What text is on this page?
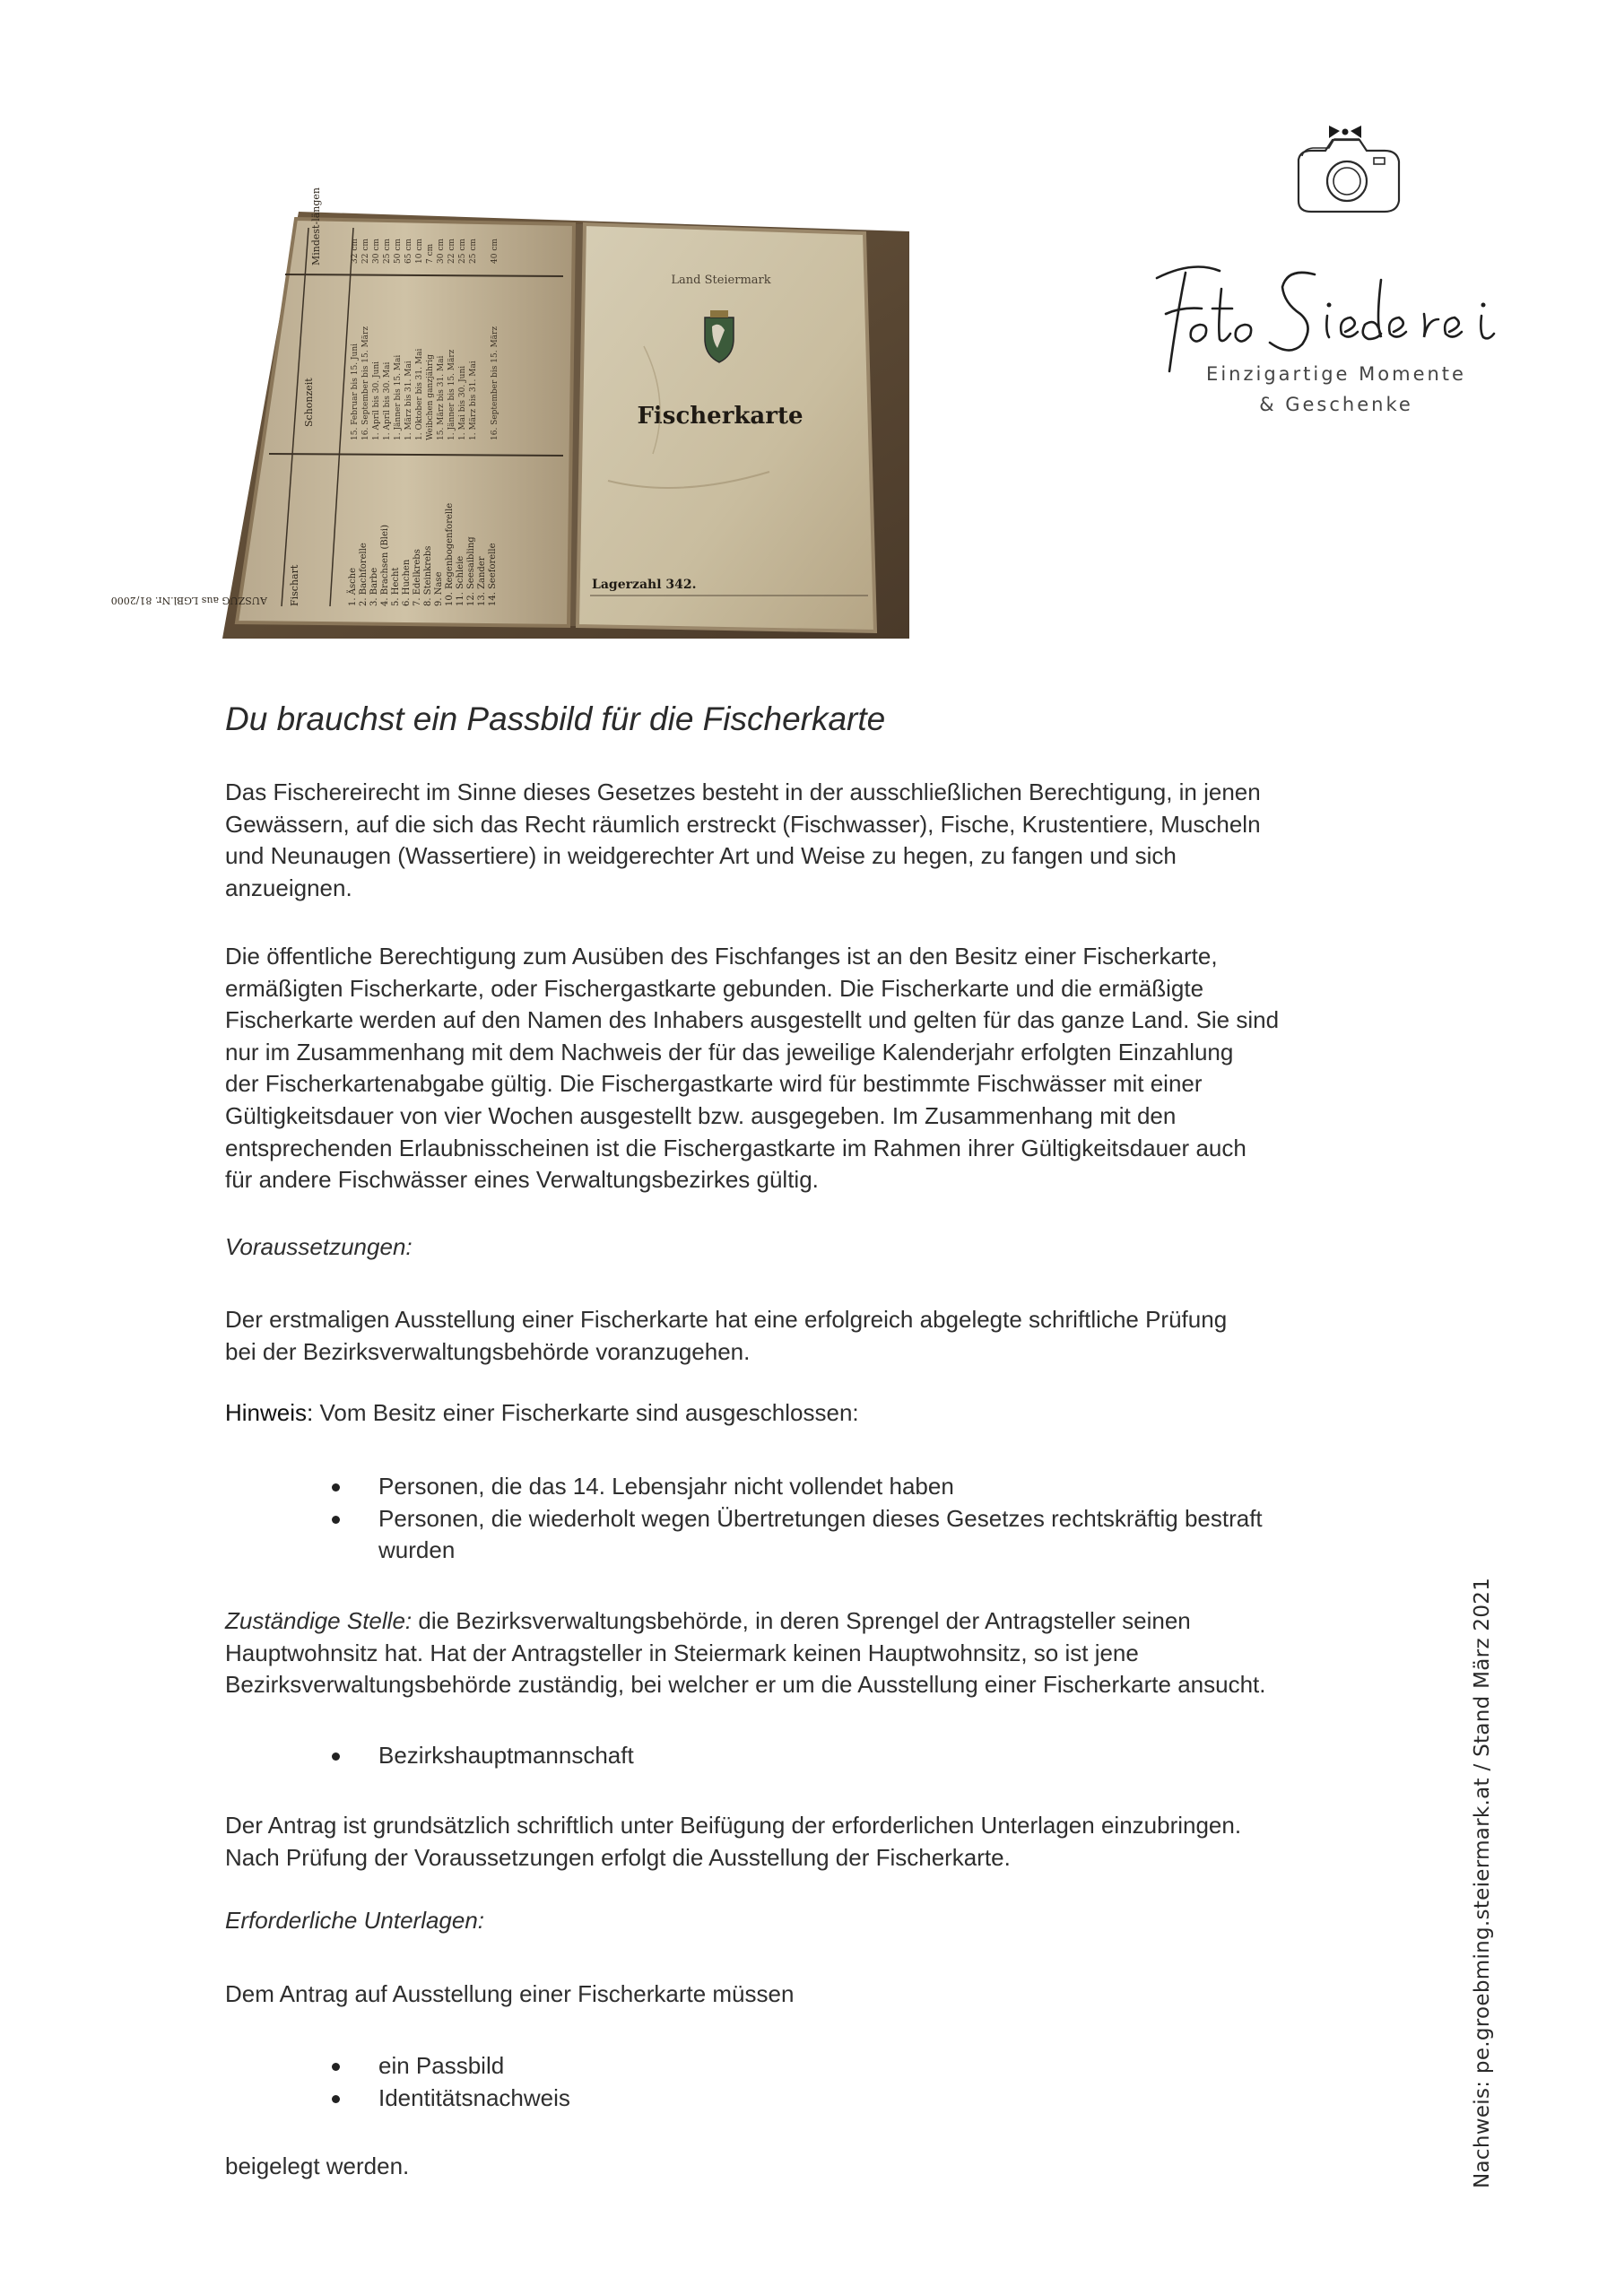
Fischart
Schonzeit
Mindest-längen
1. Äsche 2. Bachforelle 3. Barbe 4. Brachsen (Blei) 5. Hecht 6. Huchen 7. Edelkrebs 8. Steinkrebs 9. Nase 10. Regenbogenforelle 11. Schleie 12. Seesaibling 13. Zander 14. Seeforelle
15. Februar bis 15. Juni 16. September bis 15. März 1. April bis 30. Juni 1. April bis 30. Mai 1. Jänner bis 15. Mai 1. März bis 31. Mai 1. Oktober bis 31. Mai Weibchen ganzjährig 15. März bis 31. Mai 1. Jänner bis 15. März 1. Mai bis 30. Juni 1. März bis 31. Mai 16. September bis 15. März
32 cm 22 cm 30 cm 25 cm 50 cm 65 cm 10 cm 7 cm 30 cm 22 cm 25 cm 25 cm 40 cm
AUSZUG aus LGBl.Nr. 81/2000
Land Steiermark
Fischerkarte
Lagerzahl 342.
FotoSiederei
Einzigartige Momente
& Geschenke
Du brauchst ein Passbild für die Fischerkarte

Das Fischereirecht im Sinne dieses Gesetzes besteht in der ausschließlichen Berechtigung, in jenen

Gewässern, auf die sich das Recht räumlich erstreckt (Fischwasser), Fische, Krustentiere, Muscheln

und Neunaugen (Wassertiere) in weidgerechter Art und Weise zu hegen, zu fangen und sich

anzueignen.

Die öffentliche Berechtigung zum Ausüben des Fischfanges ist an den Besitz einer Fischerkarte,

ermäßigten Fischerkarte, oder Fischergastkarte gebunden. Die Fischerkarte und die ermäßigte

Fischerkarte werden auf den Namen des Inhabers ausgestellt und gelten für das ganze Land. Sie sind

nur im Zusammenhang mit dem Nachweis der für das jeweilige Kalenderjahr erfolgten Einzahlung

der Fischerkartenabgabe gültig. Die Fischergastkarte wird für bestimmte Fischwässer mit einer

Gültigkeitsdauer von vier Wochen ausgestellt bzw. ausgegeben. Im Zusammenhang mit den

entsprechenden Erlaubnisscheinen ist die Fischergastkarte im Rahmen ihrer Gültigkeitsdauer auch

für andere Fischwässer eines Verwaltungsbezirkes gültig.

Voraussetzungen:

Der erstmaligen Ausstellung einer Fischerkarte hat eine erfolgreich abgelegte schriftliche Prüfung

bei der Bezirksverwaltungsbehörde voranzugehen.

Hinweis: Vom Besitz einer Fischerkarte sind ausgeschlossen:
Personen, die das 14. Lebensjahr nicht vollendet haben
Personen, die wiederholt wegen Übertretungen dieses Gesetzes rechtskräftig bestraft
wurden

Zuständige Stelle: die Bezirksverwaltungsbehörde, in deren Sprengel der Antragsteller seinen

Hauptwohnsitz hat. Hat der Antragsteller in Steiermark keinen Hauptwohnsitz, so ist jene

Bezirksverwaltungsbehörde zuständig, bei welcher er um die Ausstellung einer Fischerkarte ansucht.

Bezirkshauptmannschaft

Der Antrag ist grundsätzlich schriftlich unter Beifügung der erforderlichen Unterlagen einzubringen.

Nach Prüfung der Voraussetzungen erfolgt die Ausstellung der Fischerkarte.

Erforderliche Unterlagen:
Dem Antrag auf Ausstellung einer Fischerkarte müssen
ein Passbild
Identitätsnachweis
beigelegt werden.	Nachweis: pe.groebming.steiermark.at / Stand März 2021
